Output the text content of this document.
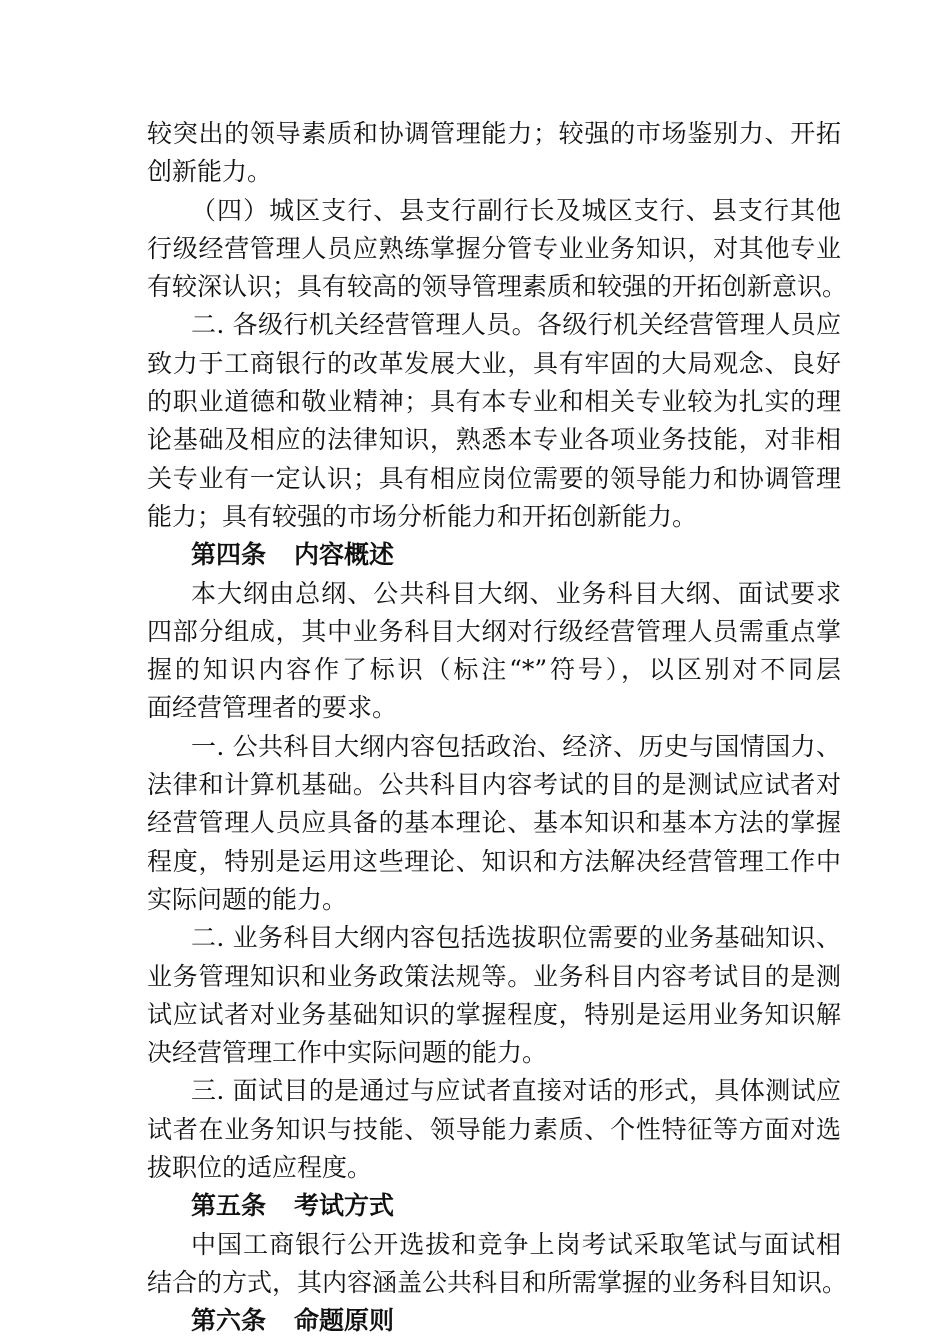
较突出的领导素质和协调管理能力；较强的市场鉴别力、开拓
创新能力。
（四）城区支行、县支行副行长及城区支行、县支行其他
行级经营管理人员应熟练掌握分管专业业务知识，对其他专业
有较深认识；具有较高的领导管理素质和较强的开拓创新意识。
二. 各级行机关经营管理人员。各级行机关经营管理人员应
致力于工商银行的改革发展大业，具有牢固的大局观念、良好
的职业道德和敬业精神；具有本专业和相关专业较为扎实的理
论基础及相应的法律知识，熟悉本专业各项业务技能，对非相
关专业有一定认识；具有相应岗位需要的领导能力和协调管理
能力；具有较强的市场分析能力和开拓创新能力。
第四条 内容概述
本大纲由总纲、公共科目大纲、业务科目大纲、面试要求
四部分组成，其中业务科目大纲对行级经营管理人员需重点掌
握的知识内容作了标识（标注“*”符号），以区别对不同层
面经营管理者的要求。
一. 公共科目大纲内容包括政治、经济、历史与国情国力、
法律和计算机基础。公共科目内容考试的目的是测试应试者对
经营管理人员应具备的基本理论、基本知识和基本方法的掌握
程度，特别是运用这些理论、知识和方法解决经营管理工作中
实际问题的能力。
二. 业务科目大纲内容包括选拔职位需要的业务基础知识、
业务管理知识和业务政策法规等。业务科目内容考试目的是测
试应试者对业务基础知识的掌握程度，特别是运用业务知识解
决经营管理工作中实际问题的能力。
三. 面试目的是通过与应试者直接对话的形式，具体测试应
试者在业务知识与技能、领导能力素质、个性特征等方面对选
拔职位的适应程度。
第五条 考试方式
中国工商银行公开选拔和竞争上岗考试采取笔试与面试相
结合的方式，其内容涵盖公共科目和所需掌握的业务科目知识。
第六条 命题原则
